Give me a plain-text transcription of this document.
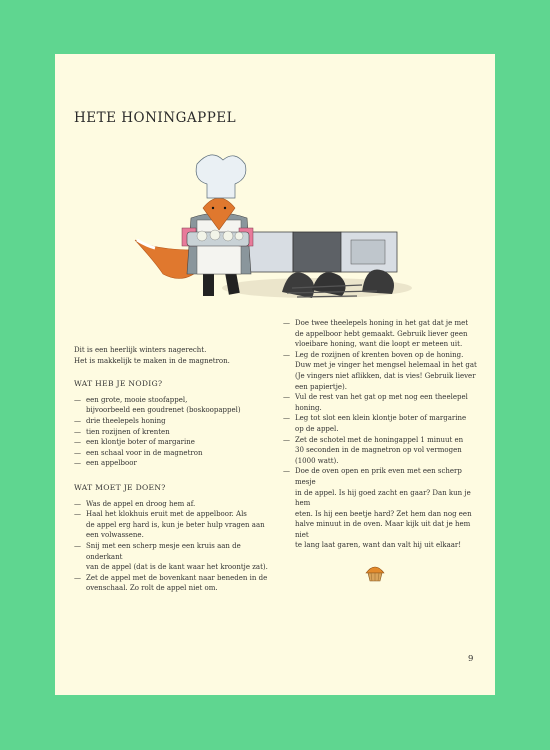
HETE HONINGAPPEL

Dit is een heerlijk winters nagerecht.

Het is makkelijk te maken in de magnetron.

WAT HEB JE NODIG?
— een grote, mooie stoofappel,
bijvoorbeeld een goudrenet (boskoopappel)
— drie theelepels honing
— tien rozijnen of krenten
— een klontje boter of margarine
— een schaal voor in de magnetron
— een appelboor
WAT MOET JE DOEN?
— Was de appel en droog hem af.
— Haal het klokhuis eruit met de appelboor. Als
de appel erg hard is, kun je beter hulp vragen aan
een volwassene.
— Snij met een scherp mesje een kruis aan de onderkant
van de appel (dat is de kant waar het kroontje zat).
— Zet de appel met de bovenkant naar beneden in de
ovenschaal. Zo rolt de appel niet om.
— Doe twee theelepels honing in het gat dat je met
de appelboor hebt gemaakt. Gebruik liever geen
vloeibare honing, want die loopt er meteen uit.
— Leg de rozijnen of krenten boven op de honing.
Duw met je vinger het mengsel helemaal in het gat
(Je vingers niet aflikken, dat is vies! Gebruik liever
een papiertje).
— Vul de rest van het gat op met nog een theelepel
honing.
— Leg tot slot een klein klontje boter of margarine
op de appel.
— Zet de schotel met de honingappel 1 minuut en
30 seconden in de magnetron op vol vermogen
(1000 watt).
— Doe de oven open en prik even met een scherp mesje
in de appel. Is hij goed zacht en gaar? Dan kun je hem
eten. Is hij een beetje hard? Zet hem dan nog een
halve minuut in de oven. Maar kijk uit dat je hem niet
te lang laat garen, want dan valt hij uit elkaar!
9
